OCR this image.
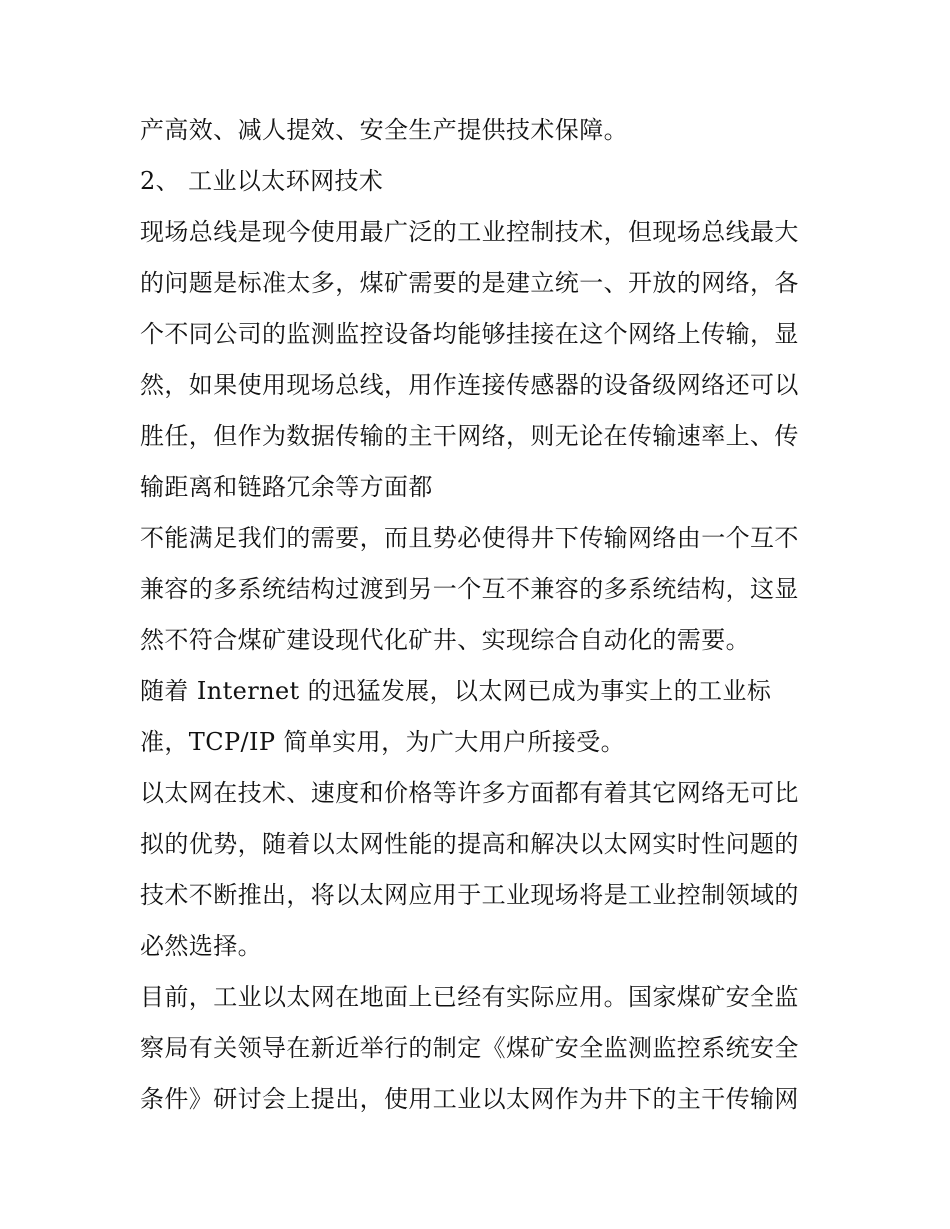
产高效、减人提效、安全生产提供技术保障。
2、 工业以太环网技术
现场总线是现今使用最广泛的工业控制技术，但现场总线最大
的问题是标准太多，煤矿需要的是建立统一、开放的网络，各
个不同公司的监测监控设备均能够挂接在这个网络上传输，显
然，如果使用现场总线，用作连接传感器的设备级网络还可以
胜任，但作为数据传输的主干网络，则无论在传输速率上、传
输距离和链路冗余等方面都
不能满足我们的需要，而且势必使得井下传输网络由一个互不
兼容的多系统结构过渡到另一个互不兼容的多系统结构，这显
然不符合煤矿建设现代化矿井、实现综合自动化的需要。
随着 Internet 的迅猛发展，以太网已成为事实上的工业标
准，TCP/IP 简单实用，为广大用户所接受。
以太网在技术、速度和价格等许多方面都有着其它网络无可比
拟的优势，随着以太网性能的提高和解决以太网实时性问题的
技术不断推出，将以太网应用于工业现场将是工业控制领域的
必然选择。
目前，工业以太网在地面上已经有实际应用。国家煤矿安全监
察局有关领导在新近举行的制定《煤矿安全监测监控系统安全
条件》研讨会上提出，使用工业以太网作为井下的主干传输网
